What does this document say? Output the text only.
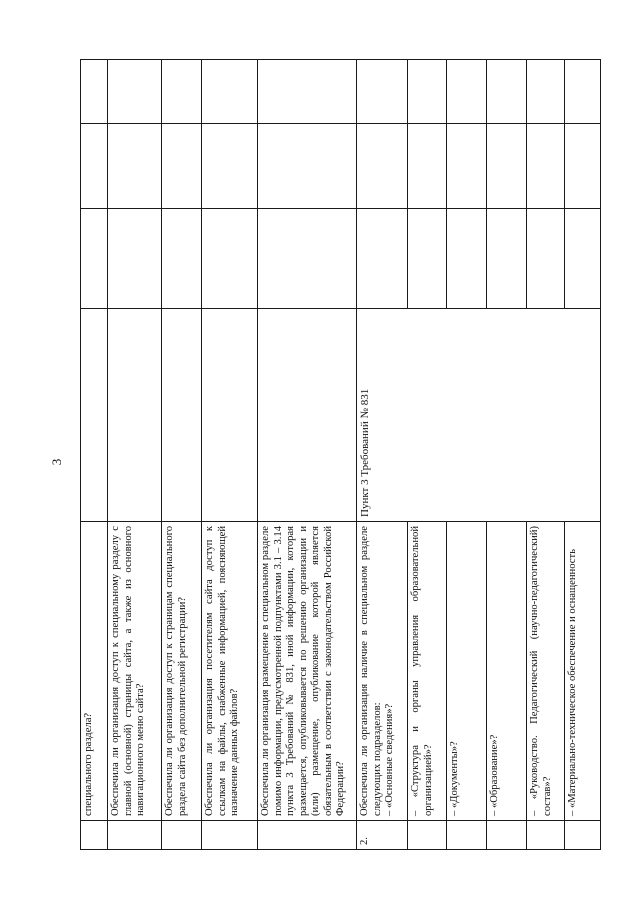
3
	специального раздела?				
	Обеспечила ли организация доступ к специальному разделу с главной (основной) страницы сайта, а также из основного навигационного меню сайта?				
	Обеспечила ли организация доступ к страницам специального раздела сайта без дополнительной регистрации?				
	Обеспечила ли организация посетителям сайта доступ к ссылкам на файлы, снабженные информацией, поясняющей назначение данных файлов?				
	Обеспечила ли организация размещение в специальном разделе помимо информации, предусмотренной подпунктами 3.1 – 3.14 пункта 3 Требований № 831, иной информации, которая размещается, опубликовывается по решению организации и (или) размещение, опубликование которой является обязательным в соответствии с законодательством Российской Федерации?				
2.	Обеспечила ли организация наличие в специальном разделе следующих подразделов: – «Основные сведения»?	Пункт 3 Требований № 831			
	– «Структура и органы управления образовательной организацией»?				
	– «Документы»?				
	– «Образование»?				
	– «Руководство. Педагогический (научно-педагогический) состав»?				
	– «Материально-техническое обеспечение и оснащенность				
